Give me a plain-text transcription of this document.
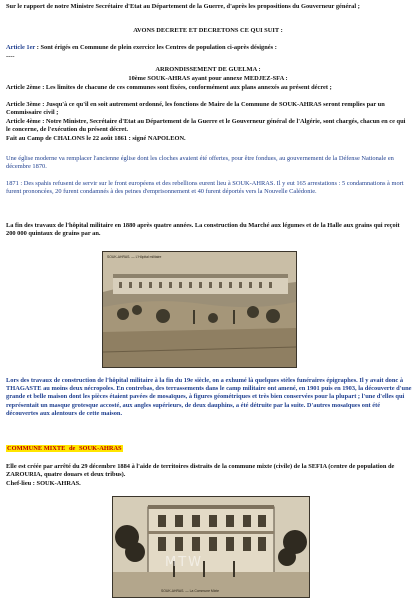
Sur le rapport de notre Ministre Secrétaire d'Etat au Département de la Guerre, d'après les propositions du Gouverneur général ;

AVONS DECRETE ET DECRETONS CE QUI SUIT :

Article 1er : Sont érigés en Commune de plein exercice les Centres de population ci-après désignés :

----

ARRONDISSEMENT DE GUELMA :

10ème SOUK-AHRAS ayant pour annexe MEDJEZ-SFA :

Article 2ème : Les limites de chacune de ces communes sont fixées, conformément aux plans annexés au présent décret ;

Article 3ème : Jusqu'à ce qu'il en soit autrement ordonné, les fonctions de Maire de la Commune de SOUK-AHRAS seront remplies par un Commissaire civil ;

Article 4ème : Notre Ministre, Secrétaire d'Etat au Département de la Guerre et le Gouverneur général de l'Algérie, sont chargés, chacun en ce qui le concerne, de l'exécution du présent décret.

Fait au Camp de CHALONS le 22 août 1861 : signé NAPOLEON.

Une église moderne va remplacer l'ancienne église dont les cloches avaient été offertes, pour être fondues, au gouvernement de la Défense Nationale en décembre 1870.

1871 : Des spahis refusent de servir sur le front européens et des rebellions eurent lieu à SOUK-AHRAS. Il y eut 165 arrestations : 5 condamnations à mort furent prononcées, 20 furent condamnés à des peines d'emprisonnement et 40 furent déportés vers la Nouvelle Calédonie.

La fin des travaux de l'hôpital militaire en 1880 après quatre années. La construction du Marché aux légumes et de la Halle aux grains qui reçoit 200 000 quintaux de grains par an.

SOUK-AHRAS. — L'Hôpital militaire

Lors des travaux de construction de l'hôpital militaire à la fin du 19e siècle, on a exhumé là quelques stèles funéraires épigraphes. Il y avait donc à THAGASTE au moins deux nécropoles. En contrebas, des terrassements dans le camp militaire ont amené, en 1901 puis en 1903, la découverte d'une grande et belle maison dont les pièces étaient pavées de mosaïques, à figures géométriques et très bien conservées pour la plupart ; l'une d'elles qui représentait un masque grotesque accosté, aux angles supérieurs, de deux dauphins, a été détruite par la suite. D'autres mosaïques ont été découvertes aux alentours de cette maison.

COMMUNE MIXTE de SOUK-AHRAS

Elle est créée par arrêté du 29 décembre 1884 à l'aide de territoires distraits de la commune mixte (civile) de la SEFIA (centre de population de ZAROURIA, quatre douars et deux tribus).

Chef-lieu : SOUK-AHRAS.

SOUK-AHRAS. — La Commune Mixte
MTW
